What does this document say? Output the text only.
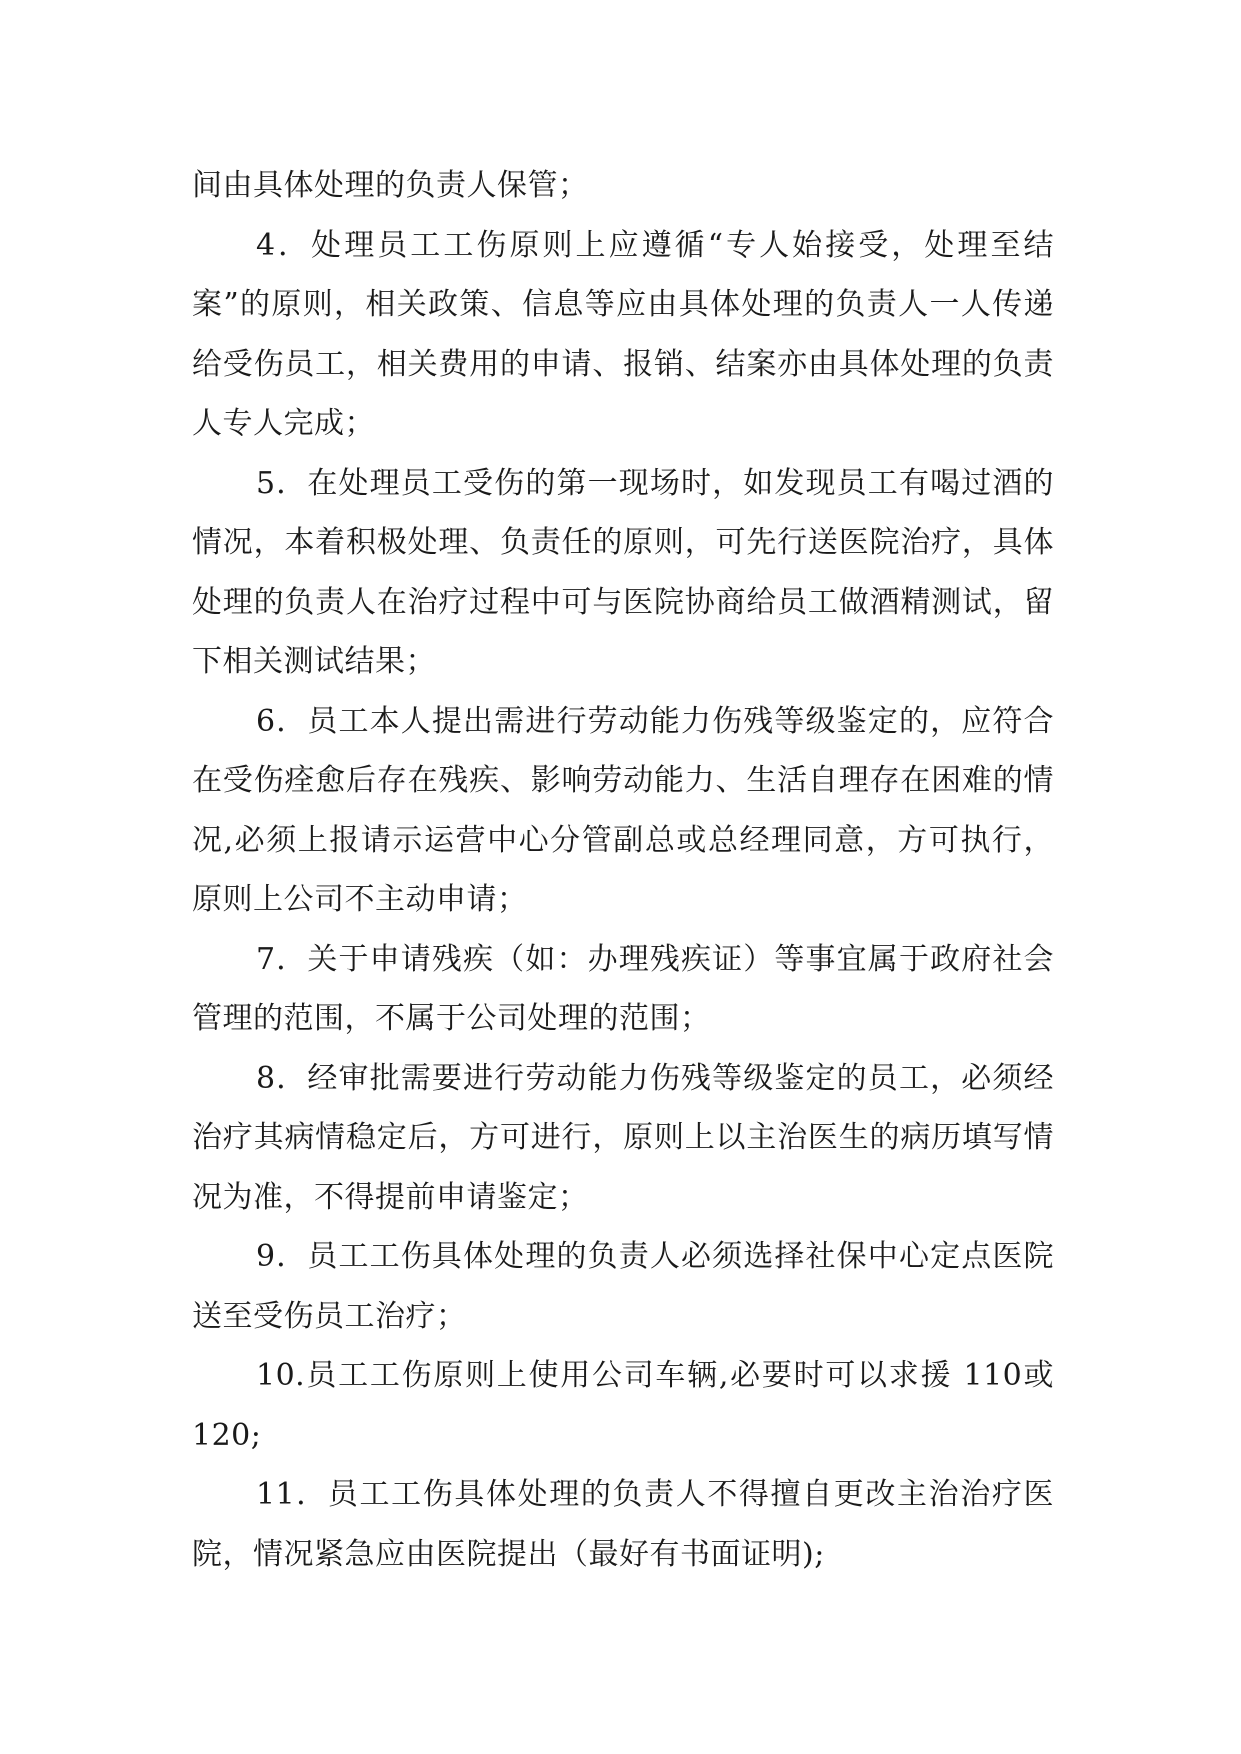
间由具体处理的负责人保管；

4．处理员工工伤原则上应遵循“专人始接受，处理至结案”的原则，相关政策、信息等应由具体处理的负责人一人传递给受伤员工，相关费用的申请、报销、结案亦由具体处理的负责人专人完成；

5．在处理员工受伤的第一现场时，如发现员工有喝过酒的情况，本着积极处理、负责任的原则，可先行送医院治疗，具体处理的负责人在治疗过程中可与医院协商给员工做酒精测试，留下相关测试结果；

6．员工本人提出需进行劳动能力伤残等级鉴定的，应符合在受伤痊愈后存在残疾、影响劳动能力、生活自理存在困难的情况,必须上报请示运营中心分管副总或总经理同意，方可执行，原则上公司不主动申请；

7．关于申请残疾（如：办理残疾证）等事宜属于政府社会管理的范围，不属于公司处理的范围；

8．经审批需要进行劳动能力伤残等级鉴定的员工，必须经治疗其病情稳定后，方可进行，原则上以主治医生的病历填写情况为准，不得提前申请鉴定；

9．员工工伤具体处理的负责人必须选择社保中心定点医院送至受伤员工治疗；

10.员工工伤原则上使用公司车辆,必要时可以求援 110或 120;

11．员工工伤具体处理的负责人不得擅自更改主治治疗医院，情况紧急应由医院提出（最好有书面证明);
